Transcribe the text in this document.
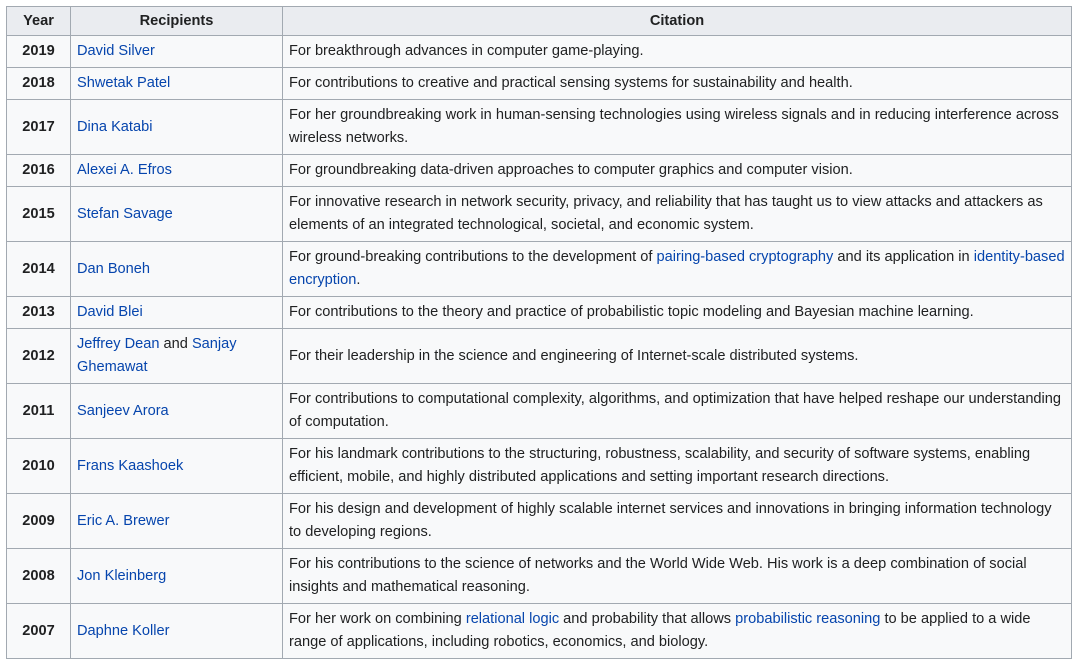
Year	Recipients	Citation
2019	David Silver	For breakthrough advances in computer game-playing.
2018	Shwetak Patel	For contributions to creative and practical sensing systems for sustainability and health.
2017	Dina Katabi	For her groundbreaking work in human-sensing technologies using wireless signals and in reducing interference across wireless networks.
2016	Alexei A. Efros	For groundbreaking data-driven approaches to computer graphics and computer vision.
2015	Stefan Savage	For innovative research in network security, privacy, and reliability that has taught us to view attacks and attackers as elements of an integrated technological, societal, and economic system.
2014	Dan Boneh	For ground-breaking contributions to the development of pairing-based cryptography and its application in identity-based encryption.
2013	David Blei	For contributions to the theory and practice of probabilistic topic modeling and Bayesian machine learning.
2012	Jeffrey Dean and Sanjay Ghemawat	For their leadership in the science and engineering of Internet-scale distributed systems.
2011	Sanjeev Arora	For contributions to computational complexity, algorithms, and optimization that have helped reshape our understanding of computation.
2010	Frans Kaashoek	For his landmark contributions to the structuring, robustness, scalability, and security of software systems, enabling efficient, mobile, and highly distributed applications and setting important research directions.
2009	Eric A. Brewer	For his design and development of highly scalable internet services and innovations in bringing information technology to developing regions.
2008	Jon Kleinberg	For his contributions to the science of networks and the World Wide Web. His work is a deep combination of social insights and mathematical reasoning.
2007	Daphne Koller	For her work on combining relational logic and probability that allows probabilistic reasoning to be applied to a wide range of applications, including robotics, economics, and biology.
